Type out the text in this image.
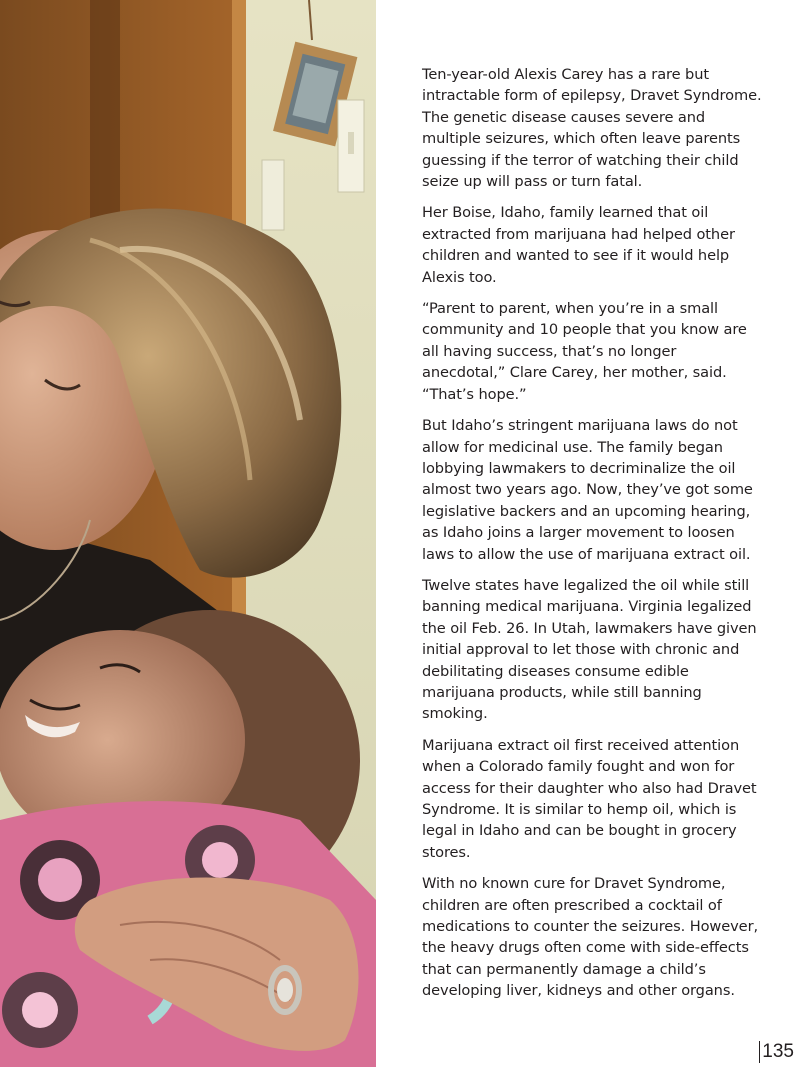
Ten-year-old Alexis Carey has a rare but intractable form of epilepsy, Dravet Syndrome. The genetic disease causes severe and multiple seizures, which often leave parents guessing if the terror of watching their child seize up will pass or turn fatal.

Her Boise, Idaho, family learned that oil extracted from marijuana had helped other children and wanted to see if it would help Alexis too.

“Parent to parent, when you’re in a small community and 10 people that you know are all having success, that’s no longer anecdotal,” Clare Carey, her mother, said. “That’s hope.”

But Idaho’s stringent marijuana laws do not allow for medicinal use. The family began lobbying lawmakers to decriminalize the oil almost two years ago. Now, they’ve got some legislative backers and an upcoming hearing, as Idaho joins a larger movement to loosen laws to allow the use of marijuana extract oil.

Twelve states have legalized the oil while still banning medical marijuana. Virginia legalized the oil Feb. 26. In Utah, lawmakers have given initial approval to let those with chronic and debilitating diseases consume edible marijuana products, while still banning smoking.

Marijuana extract oil first received attention when a Colorado family fought and won for access for their daughter who also had Dravet Syndrome. It is similar to hemp oil, which is legal in Idaho and can be bought in grocery stores.

With no known cure for Dravet Syndrome, children are often prescribed a cocktail of medications to counter the seizures. However, the heavy drugs often come with side-effects that can permanently damage a child’s developing liver, kidneys and other organs.

135
